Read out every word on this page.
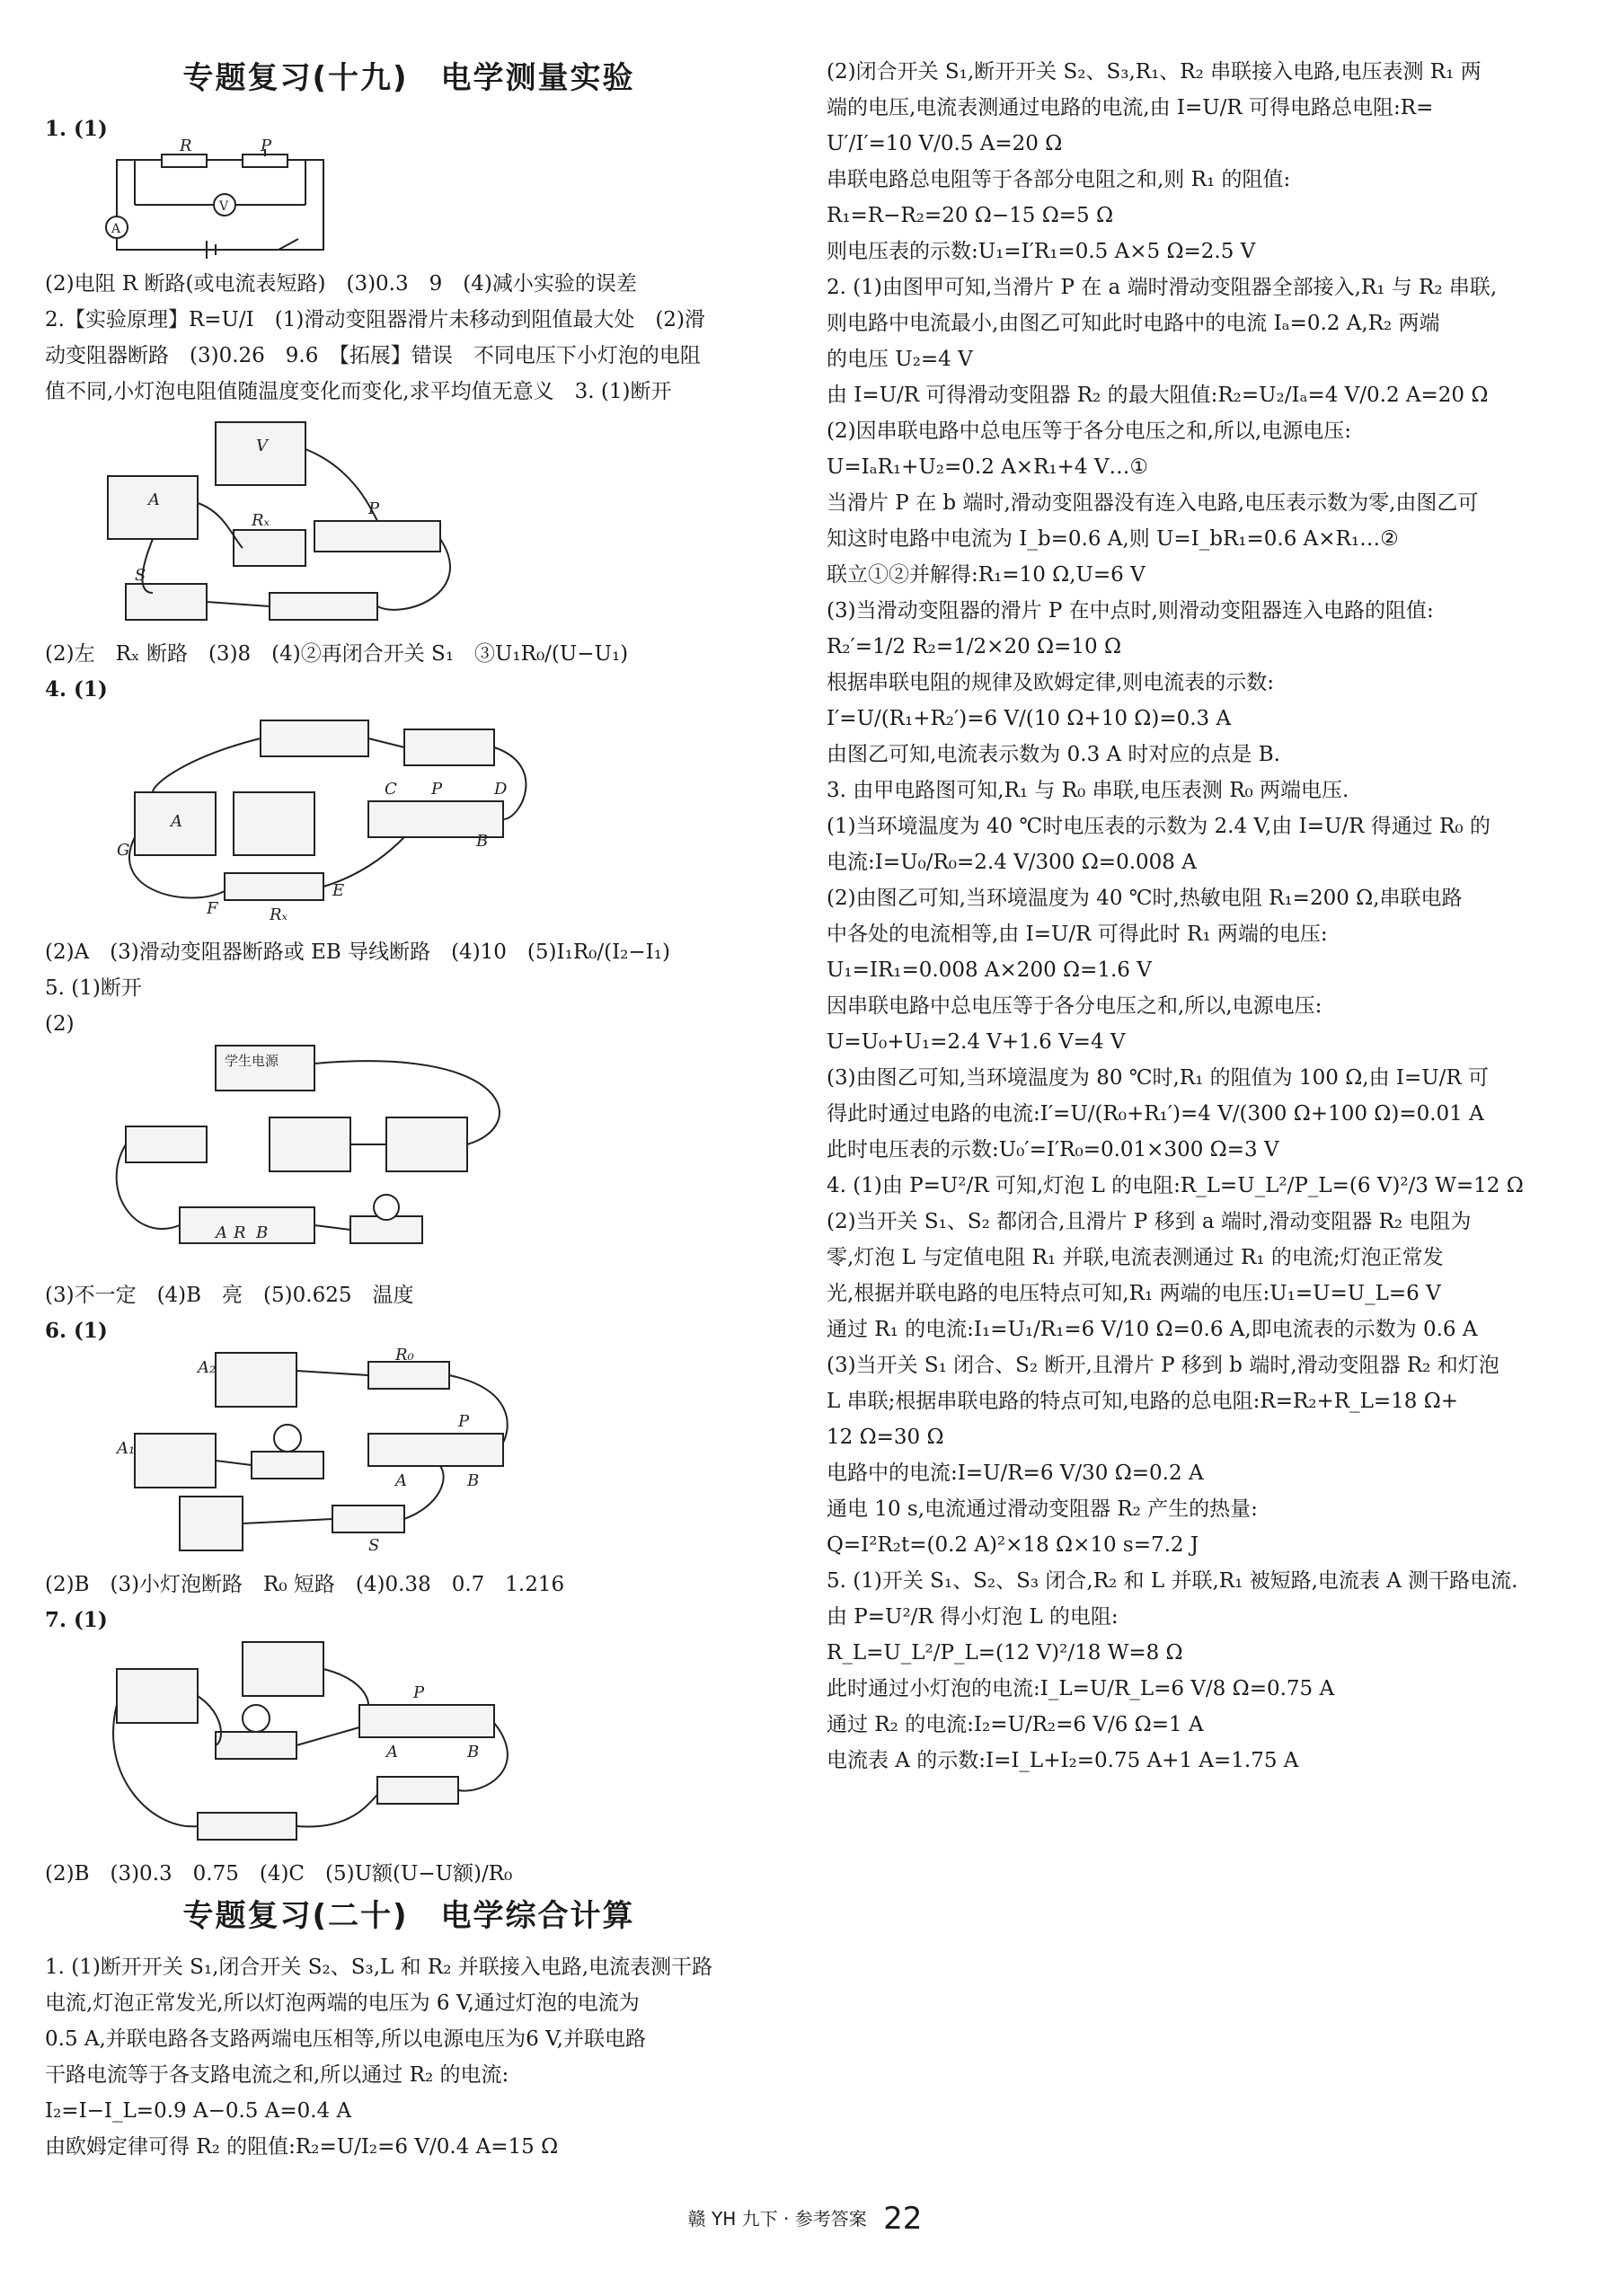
专题复习(十九)　电学测量实验
1. (1)
R	P
V
A
(2)电阻 R 断路(或电流表短路)　(3)0.3　9　(4)减小实验的误差
2.【实验原理】R=U/I　(1)滑动变阻器滑片未移动到阻值最大处　(2)滑
动变阻器断路　(3)0.26　9.6　【拓展】错误　不同电压下小灯泡的电阻
值不同,小灯泡电阻值随温度变化而变化,求平均值无意义　3. (1)断开
A
V
Rₓ
P
S
(2)左　Rₓ 断路　(3)8　(4)②再闭合开关 S₁　③U₁R₀/(U−U₁)
4. (1)
C P	D
G
A
B
F
E
Rₓ
(2)A　(3)滑动变阻器断路或 EB 导线断路　(4)10　(5)I₁R₀/(I₂−I₁)
5. (1)断开
(2)
学生电源
A R B
(3)不一定　(4)B　亮　(5)0.625　温度
6. (1)
A₂
R₀
A₁
P
A	B
S
(2)B　(3)小灯泡断路　R₀ 短路　(4)0.38　0.7　1.216
7. (1)
P
A	B
(2)B　(3)0.3　0.75　(4)C　(5)U额(U−U额)/R₀
专题复习(二十)　电学综合计算
1. (1)断开开关 S₁,闭合开关 S₂、S₃,L 和 R₂ 并联接入电路,电流表测干路
电流,灯泡正常发光,所以灯泡两端的电压为 6 V,通过灯泡的电流为
0.5 A,并联电路各支路两端电压相等,所以电源电压为6 V,并联电路
干路电流等于各支路电流之和,所以通过 R₂ 的电流:
I₂=I−I_L=0.9 A−0.5 A=0.4 A
由欧姆定律可得 R₂ 的阻值:R₂=U/I₂=6 V/0.4 A=15 Ω
(2)闭合开关 S₁,断开开关 S₂、S₃,R₁、R₂ 串联接入电路,电压表测 R₁ 两
端的电压,电流表测通过电路的电流,由 I=U/R 可得电路总电阻:R=
U′/I′=10 V/0.5 A=20 Ω
串联电路总电阻等于各部分电阻之和,则 R₁ 的阻值:
R₁=R−R₂=20 Ω−15 Ω=5 Ω
则电压表的示数:U₁=I′R₁=0.5 A×5 Ω=2.5 V
2. (1)由图甲可知,当滑片 P 在 a 端时滑动变阻器全部接入,R₁ 与 R₂ 串联,
则电路中电流最小,由图乙可知此时电路中的电流 Iₐ=0.2 A,R₂ 两端
的电压 U₂=4 V
由 I=U/R 可得滑动变阻器 R₂ 的最大阻值:R₂=U₂/Iₐ=4 V/0.2 A=20 Ω
(2)因串联电路中总电压等于各分电压之和,所以,电源电压:
U=IₐR₁+U₂=0.2 A×R₁+4 V…①
当滑片 P 在 b 端时,滑动变阻器没有连入电路,电压表示数为零,由图乙可
知这时电路中电流为 I_b=0.6 A,则 U=I_bR₁=0.6 A×R₁…②
联立①②并解得:R₁=10 Ω,U=6 V
(3)当滑动变阻器的滑片 P 在中点时,则滑动变阻器连入电路的阻值:
R₂′=1/2 R₂=1/2×20 Ω=10 Ω
根据串联电阻的规律及欧姆定律,则电流表的示数:
I′=U/(R₁+R₂′)=6 V/(10 Ω+10 Ω)=0.3 A
由图乙可知,电流表示数为 0.3 A 时对应的点是 B.
3. 由甲电路图可知,R₁ 与 R₀ 串联,电压表测 R₀ 两端电压.
(1)当环境温度为 40 ℃时电压表的示数为 2.4 V,由 I=U/R 得通过 R₀ 的
电流:I=U₀/R₀=2.4 V/300 Ω=0.008 A
(2)由图乙可知,当环境温度为 40 ℃时,热敏电阻 R₁=200 Ω,串联电路
中各处的电流相等,由 I=U/R 可得此时 R₁ 两端的电压:
U₁=IR₁=0.008 A×200 Ω=1.6 V
因串联电路中总电压等于各分电压之和,所以,电源电压:
U=U₀+U₁=2.4 V+1.6 V=4 V
(3)由图乙可知,当环境温度为 80 ℃时,R₁ 的阻值为 100 Ω,由 I=U/R 可
得此时通过电路的电流:I′=U/(R₀+R₁′)=4 V/(300 Ω+100 Ω)=0.01 A
此时电压表的示数:U₀′=I′R₀=0.01×300 Ω=3 V
4. (1)由 P=U²/R 可知,灯泡 L 的电阻:R_L=U_L²/P_L=(6 V)²/3 W=12 Ω
(2)当开关 S₁、S₂ 都闭合,且滑片 P 移到 a 端时,滑动变阻器 R₂ 电阻为
零,灯泡 L 与定值电阻 R₁ 并联,电流表测通过 R₁ 的电流;灯泡正常发
光,根据并联电路的电压特点可知,R₁ 两端的电压:U₁=U=U_L=6 V
通过 R₁ 的电流:I₁=U₁/R₁=6 V/10 Ω=0.6 A,即电流表的示数为 0.6 A
(3)当开关 S₁ 闭合、S₂ 断开,且滑片 P 移到 b 端时,滑动变阻器 R₂ 和灯泡
L 串联;根据串联电路的特点可知,电路的总电阻:R=R₂+R_L=18 Ω+
12 Ω=30 Ω
电路中的电流:I=U/R=6 V/30 Ω=0.2 A
通电 10 s,电流通过滑动变阻器 R₂ 产生的热量:
Q=I²R₂t=(0.2 A)²×18 Ω×10 s=7.2 J
5. (1)开关 S₁、S₂、S₃ 闭合,R₂ 和 L 并联,R₁ 被短路,电流表 A 测干路电流.
由 P=U²/R 得小灯泡 L 的电阻:
R_L=U_L²/P_L=(12 V)²/18 W=8 Ω
此时通过小灯泡的电流:I_L=U/R_L=6 V/8 Ω=0.75 A
通过 R₂ 的电流:I₂=U/R₂=6 V/6 Ω=1 A
电流表 A 的示数:I=I_L+I₂=0.75 A+1 A=1.75 A
赣 YH 九下 · 参考答案 22
